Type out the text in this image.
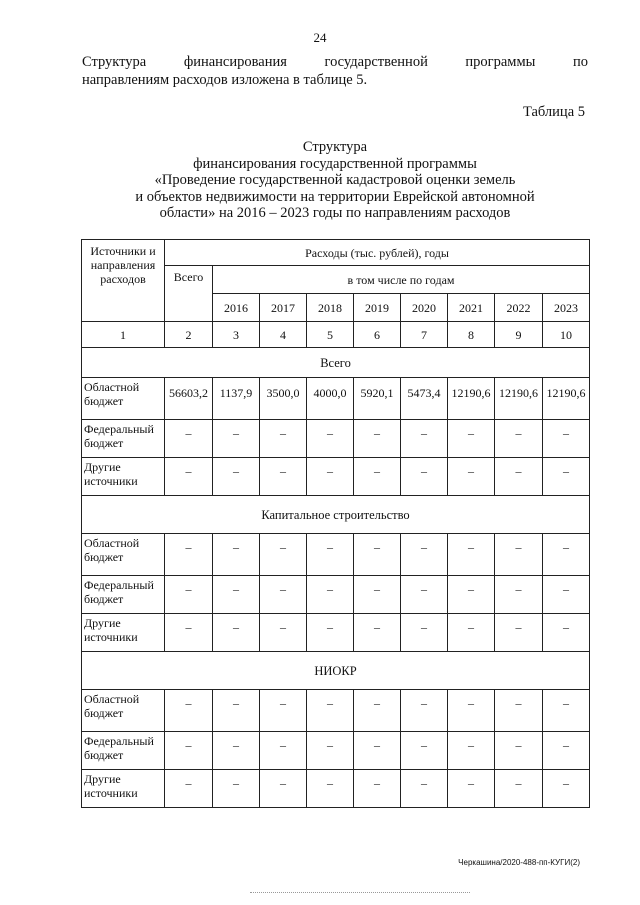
24
Структура финансирования государственной программы по
направлениям расходов изложена в таблице 5.
Таблица 5
Структура
финансирования государственной программы
«Проведение государственной кадастровой оценки земель
и объектов недвижимости на территории Еврейской автономной
области» на 2016 – 2023 годы по направлениям расходов
Источники и направления расходов	Расходы (тыс. рублей), годы								
	Всего	в том числе по годам							
		2016	2017	2018	2019	2020	2021	2022	2023
1	2	3	4	5	6	7	8	9	10
Всего									
Областной бюджет	56603,2	1137,9	3500,0	4000,0	5920,1	5473,4	12190,6	12190,6	12190,6
Федеральный бюджет	–	–	–	–	–	–	–	–	–
Другие источники	–	–	–	–	–	–	–	–	–
Капитальное строительство									
Областной бюджет	–	–	–	–	–	–	–	–	–
Федеральный бюджет	–	–	–	–	–	–	–	–	–
Другие источники	–	–	–	–	–	–	–	–	–
НИОКР									
Областной бюджет	–	–	–	–	–	–	–	–	–
Федеральный бюджет	–	–	–	–	–	–	–	–	–
Другие источники	–	–	–	–	–	–	–	–	–
Черкашина/2020-488-пп-КУГИ(2)
